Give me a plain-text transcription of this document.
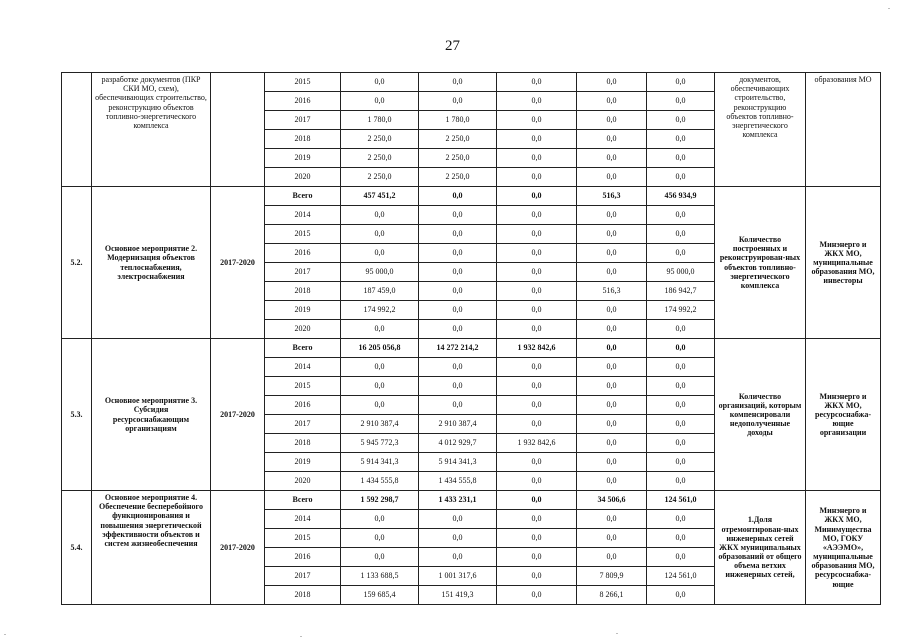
27
	разработке документов (ПКР СКИ МО, схем), обеспечивающих строительство, реконструкцию объектов топливно-энергетического комплекса		2015	0,0	0,0	0,0	0,0	0,0	документов, обеспечивающих строительство, реконструкцию объектов топливно-энергетического комплекса	образования МО
			2016	0,0	0,0	0,0	0,0	0,0		
			2017	1 780,0	1 780,0	0,0	0,0	0,0		
			2018	2 250,0	2 250,0	0,0	0,0	0,0		
			2019	2 250,0	2 250,0	0,0	0,0	0,0		
			2020	2 250,0	2 250,0	0,0	0,0	0,0		
5.2.	Основное мероприятие 2. Модернизация объектов теплоснабжения, электроснабжения	2017-2020	Всего	457 451,2	0,0	0,0	516,3	456 934,9	Количество построенных и реконструирован-ных объектов топливно-энергетического комплекса	Минэнерго и ЖКХ МО, муниципальные образования МО, инвесторы
			2014	0,0	0,0	0,0	0,0	0,0		
			2015	0,0	0,0	0,0	0,0	0,0		
			2016	0,0	0,0	0,0	0,0	0,0		
			2017	95 000,0	0,0	0,0	0,0	95 000,0		
			2018	187 459,0	0,0	0,0	516,3	186 942,7		
			2019	174 992,2	0,0	0,0	0,0	174 992,2		
			2020	0,0	0,0	0,0	0,0	0,0		
5.3.	Основное мероприятие 3. Субсидия ресурсоснабжающим организациям	2017-2020	Всего	16 205 056,8	14 272 214,2	1 932 842,6	0,0	0,0	Количество организаций, которым компенсировали недополученные доходы	Минэнерго и ЖКХ МО, ресурсоснабжа-ющие организации
			2014	0,0	0,0	0,0	0,0	0,0		
			2015	0,0	0,0	0,0	0,0	0,0		
			2016	0,0	0,0	0,0	0,0	0,0		
			2017	2 910 387,4	2 910 387,4	0,0	0,0	0,0		
			2018	5 945 772,3	4 012 929,7	1 932 842,6	0,0	0,0		
			2019	5 914 341,3	5 914 341,3	0,0	0,0	0,0		
			2020	1 434 555,8	1 434 555,8	0,0	0,0	0,0		
5.4.	Основное мероприятие 4. Обеспечение бесперебойного функционирования и повышения энергетической эффективности объектов и систем жизнеобеспечения	2017-2020	Всего	1 592 298,7	1 433 231,1	0,0	34 506,6	124 561,0	1.Доля отремонтирован-ных инженерных сетей ЖКХ муниципальных образований от общего объема ветхих инженерных сетей,	Минэнерго и ЖКХ МО, Минимущества МО, ГОКУ «АЭЭМО», муниципальные образования МО, ресурсоснабжа-ющие
			2014	0,0	0,0	0,0	0,0	0,0		
			2015	0,0	0,0	0,0	0,0	0,0		
			2016	0,0	0,0	0,0	0,0	0,0		
			2017	1 133 688,5	1 001 317,6	0,0	7 809,9	124 561,0		
			2018	159 685,4	151 419,3	0,0	8 266,1	0,0		
.	.	.
.
